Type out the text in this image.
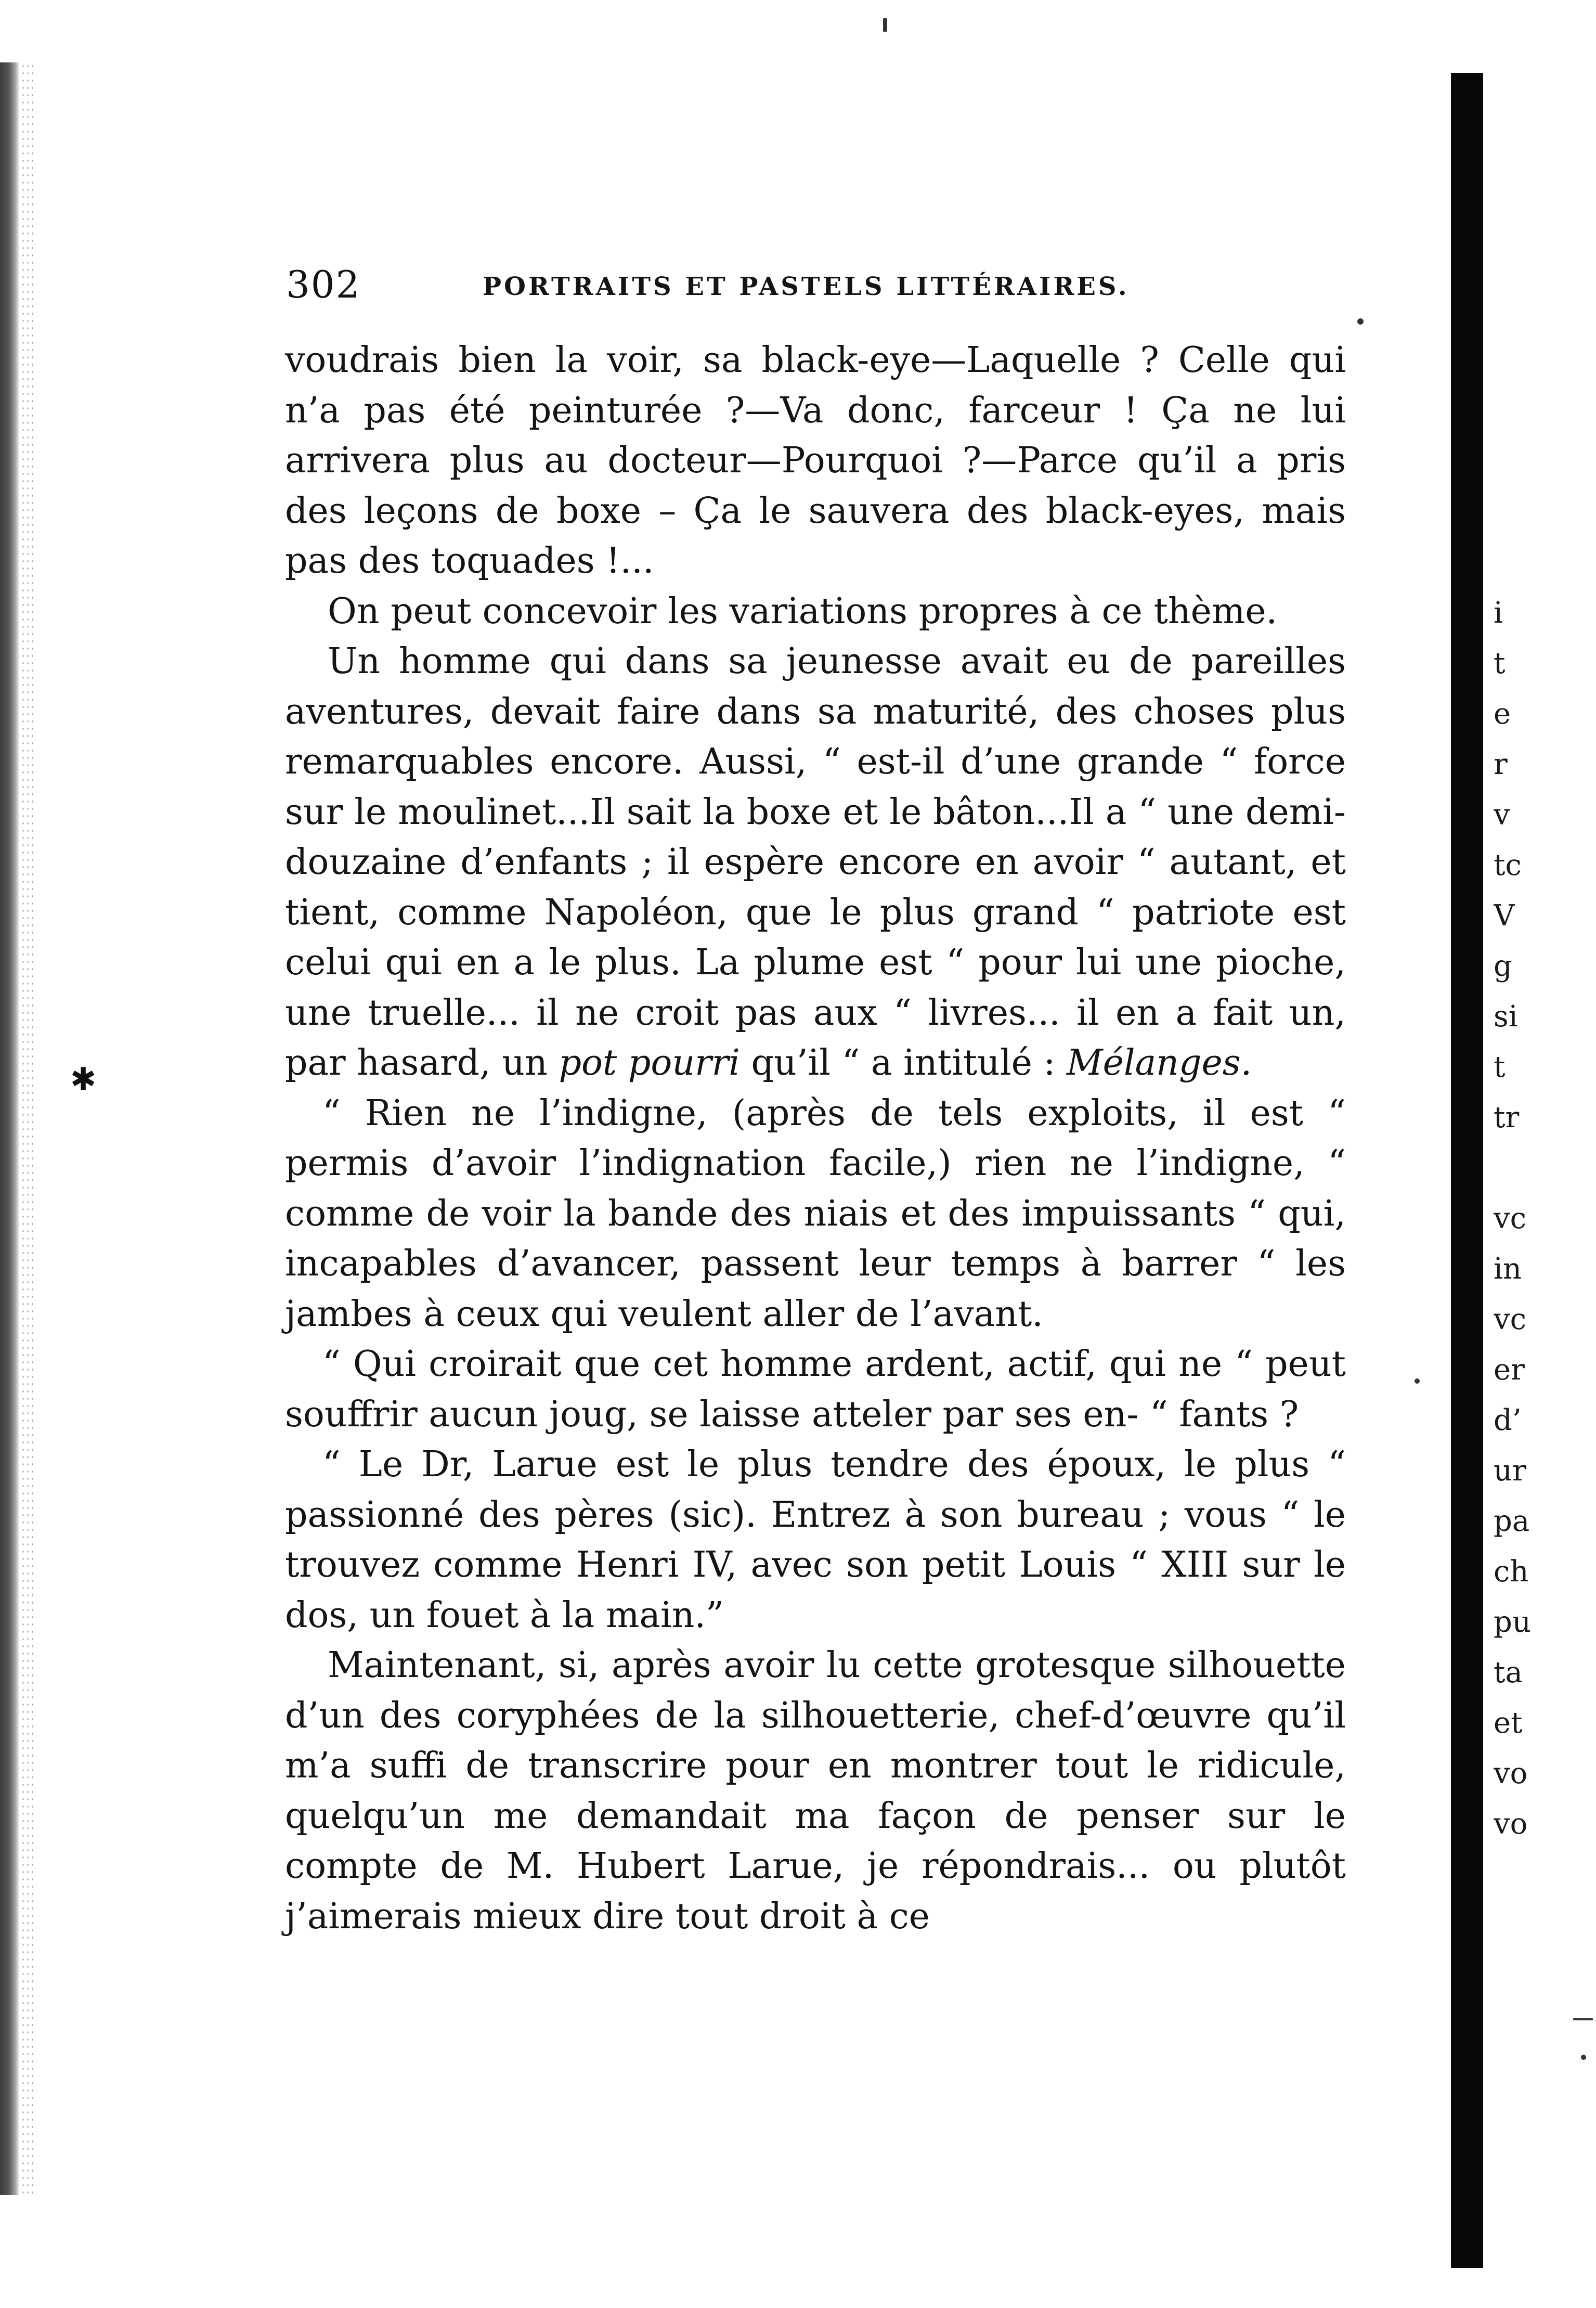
✱
i
t
e
r
v
tc
V
g
si
t
tr
vc
in
vc
er
d’
ur
pa
ch
pu
ta
et
vo
vo
302	PORTRAITS ET PASTELS LITTÉRAIRES.

voudrais bien la voir, sa black-eye—Laquelle ? Celle qui n’a pas été peinturée ?—Va donc, farceur ! Ça ne lui arrivera plus au docteur—Pourquoi ?—Parce qu’il a pris des leçons de boxe – Ça le sauvera des black-eyes, mais pas des toquades !...

On peut concevoir les variations propres à ce thème.

Un homme qui dans sa jeunesse avait eu de pareilles aventures, devait faire dans sa maturité, des choses plus remarquables encore. Aussi, “ est-il d’une grande “ force sur le moulinet...Il sait la boxe et le bâton...Il a “ une demi-douzaine d’enfants ; il espère encore en avoir “ autant, et tient, comme Napoléon, que le plus grand “ patriote est celui qui en a le plus. La plume est “ pour lui une pioche, une truelle... il ne croit pas aux “ livres... il en a fait un, par hasard, un pot pourri qu’il “ a intitulé : Mélanges.

“ Rien ne l’indigne, (après de tels exploits, il est “ permis d’avoir l’indignation facile,) rien ne l’indigne, “ comme de voir la bande des niais et des impuissants “ qui, incapables d’avancer, passent leur temps à barrer “ les jambes à ceux qui veulent aller de l’avant.

“ Qui croirait que cet homme ardent, actif, qui ne “ peut souffrir aucun joug, se laisse atteler par ses en- “ fants ?

“ Le Dr, Larue est le plus tendre des époux, le plus “ passionné des pères (sic). Entrez à son bureau ; vous “ le trouvez comme Henri IV, avec son petit Louis “ XIII sur le dos, un fouet à la main.”

Maintenant, si, après avoir lu cette grotesque silhouette d’un des coryphées de la silhouetterie, chef-d’œuvre qu’il m’a suffi de transcrire pour en montrer tout le ridicule, quelqu’un me demandait ma façon de penser sur le compte de M. Hubert Larue, je répondrais... ou plutôt j’aimerais mieux dire tout droit à ce
